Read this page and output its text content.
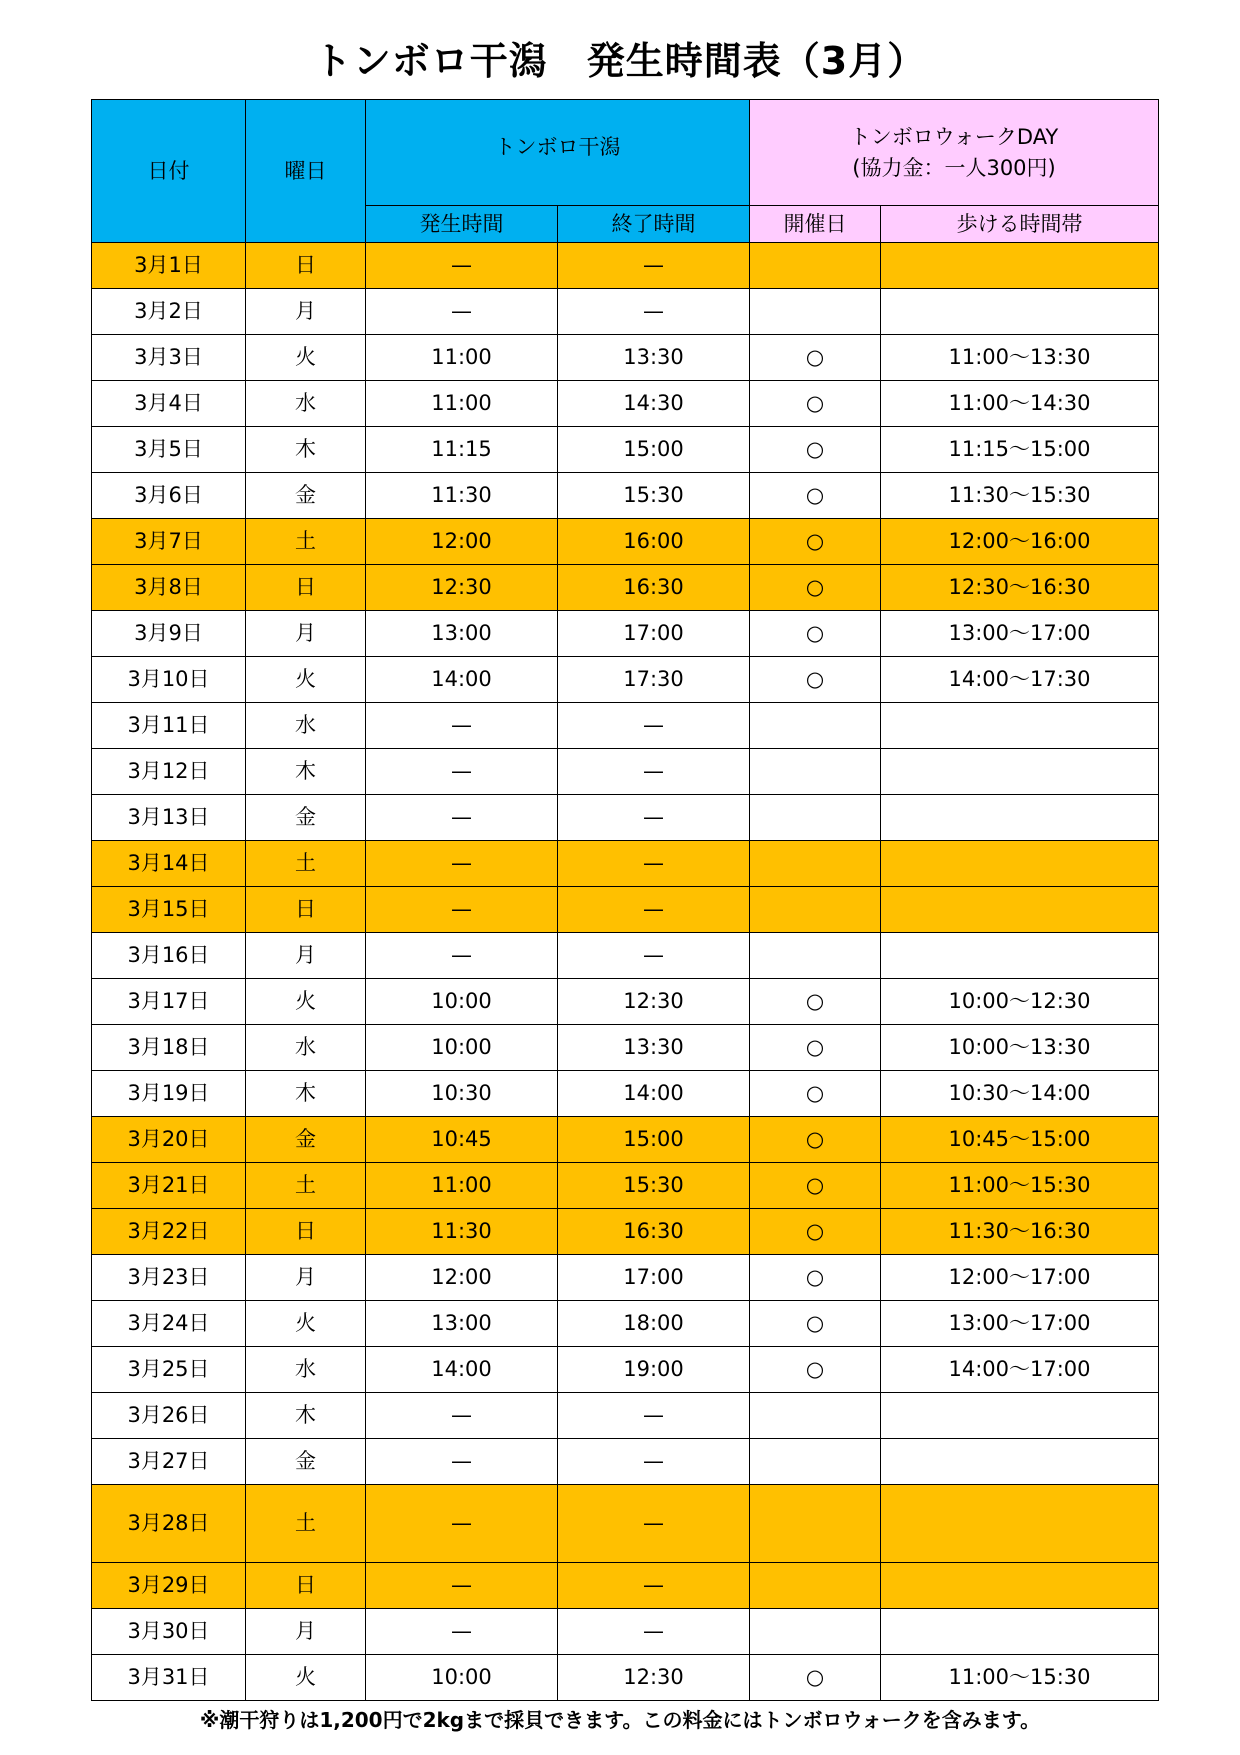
トンボロ干潟　発生時間表（3月）
日付	曜日	トンボロ干潟		トンボロウォークDAY
(協力金：一人300円)	

		発生時間	終了時間	開催日	歩ける時間帯
3月1日	日	—	—		
3月2日	月	—	—		
3月3日	火	11:00	13:30	○	11:00～13:30
3月4日	水	11:00	14:30	○	11:00～14:30
3月5日	木	11:15	15:00	○	11:15～15:00
3月6日	金	11:30	15:30	○	11:30～15:30
3月7日	土	12:00	16:00	○	12:00～16:00
3月8日	日	12:30	16:30	○	12:30～16:30
3月9日	月	13:00	17:00	○	13:00～17:00
3月10日	火	14:00	17:30	○	14:00～17:30
3月11日	水	—	—		
3月12日	木	—	—		
3月13日	金	—	—		
3月14日	土	—	—		
3月15日	日	—	—		
3月16日	月	—	—		
3月17日	火	10:00	12:30	○	10:00～12:30
3月18日	水	10:00	13:30	○	10:00～13:30
3月19日	木	10:30	14:00	○	10:30～14:00
3月20日	金	10:45	15:00	○	10:45～15:00
3月21日	土	11:00	15:30	○	11:00～15:30
3月22日	日	11:30	16:30	○	11:30～16:30
3月23日	月	12:00	17:00	○	12:00～17:00
3月24日	火	13:00	18:00	○	13:00～17:00
3月25日	水	14:00	19:00	○	14:00～17:00
3月26日	木	—	—		
3月27日	金	—	—		
3月28日	土	—	—		
3月29日	日	—	—		
3月30日	月	—	—		
3月31日	火	10:00	12:30	○	11:00～15:30
※潮干狩りは1,200円で2kgまで採貝できます。この料金にはトンボロウォークを含みます。
